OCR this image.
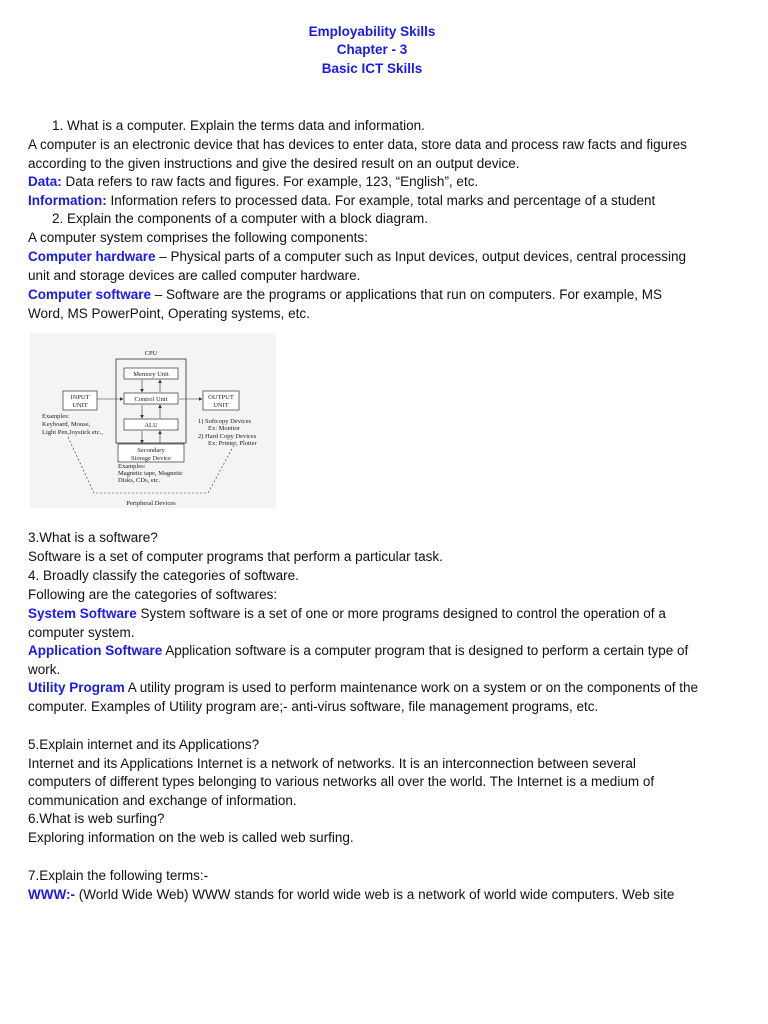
Employability Skills
Chapter - 3
Basic ICT Skills
1. What is a computer. Explain the terms data and information.
A computer is an electronic device that has devices to enter data, store data and process raw facts and figures
according to the given instructions and give the desired result on an output device.
Data: Data refers to raw facts and figures. For example, 123, “English”, etc.
Information: Information refers to processed data. For example, total marks and percentage of a student
2. Explain the components of a computer with a block diagram.
A computer system comprises the following components:
Computer hardware – Physical parts of a computer such as Input devices, output devices, central processing
unit and storage devices are called computer hardware.
Computer software – Software are the programs or applications that run on computers. For example, MS
Word, MS PowerPoint, Operating systems, etc.
CPU
Memory Unit
Control Unit
ALU
INPUT
UNIT
OUTPUT
UNIT
Examples:
Keyboard, Mouse,
Light Pen,Joystick etc.,
1) Softcopy Devices
Ex: Monitor
2) Hard Copy Devices
Ex: Printer, Plotter
Secondary
Storage Device
Examples:
Magnetic tape, Magnetic
Disks, CDs, etc.
Peripheral Devices
3.What is a software?
Software is a set of computer programs that perform a particular task.
4. Broadly classify the categories of software.
Following are the categories of softwares:
System Software System software is a set of one or more programs designed to control the operation of a
computer system.
Application Software Application software is a computer program that is designed to perform a certain type of
work.
Utility Program A utility program is used to perform maintenance work on a system or on the components of the
computer. Examples of Utility program are;- anti-virus software, file management programs, etc.
5.Explain internet and its Applications?
Internet and its Applications Internet is a network of networks. It is an interconnection between several
computers of different types belonging to various networks all over the world. The Internet is a medium of
communication and exchange of information.
6.What is web surfing?
Exploring information on the web is called web surfing.
7.Explain the following terms:-
WWW:- (World Wide Web) WWW stands for world wide web is a network of world wide computers. Web site
